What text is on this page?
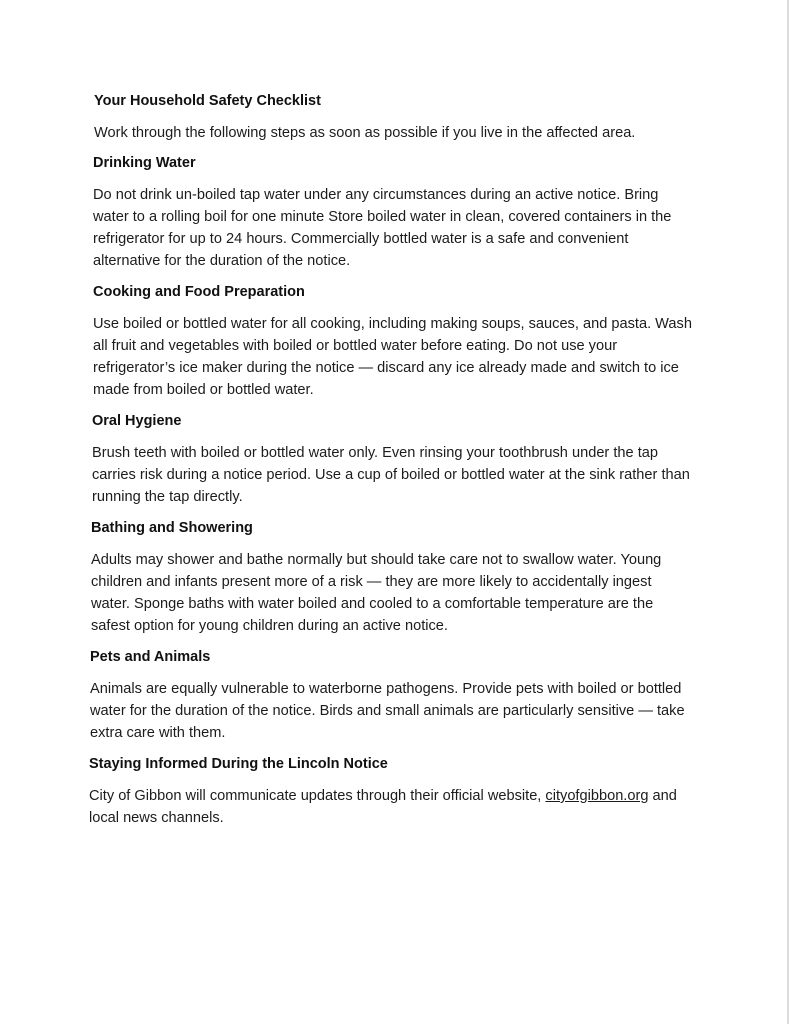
Your Household Safety Checklist
Work through the following steps as soon as possible if you live in the affected area.
Drinking Water
Do not drink un-boiled tap water under any circumstances during an active notice. Bring water to a rolling boil for one minute Store boiled water in clean, covered containers in the refrigerator for up to 24 hours. Commercially bottled water is a safe and convenient alternative for the duration of the notice.
Cooking and Food Preparation
Use boiled or bottled water for all cooking, including making soups, sauces, and pasta. Wash all fruit and vegetables with boiled or bottled water before eating. Do not use your refrigerator’s ice maker during the notice — discard any ice already made and switch to ice made from boiled or bottled water.
Oral Hygiene
Brush teeth with boiled or bottled water only. Even rinsing your toothbrush under the tap carries risk during a notice period. Use a cup of boiled or bottled water at the sink rather than running the tap directly.
Bathing and Showering
Adults may shower and bathe normally but should take care not to swallow water. Young children and infants present more of a risk — they are more likely to accidentally ingest water. Sponge baths with water boiled and cooled to a comfortable temperature are the safest option for young children during an active notice.
Pets and Animals
Animals are equally vulnerable to waterborne pathogens. Provide pets with boiled or bottled water for the duration of the notice. Birds and small animals are particularly sensitive — take extra care with them.
Staying Informed During the Lincoln Notice
City of Gibbon will communicate updates through their official website, cityofgibbon.org and local news channels.
